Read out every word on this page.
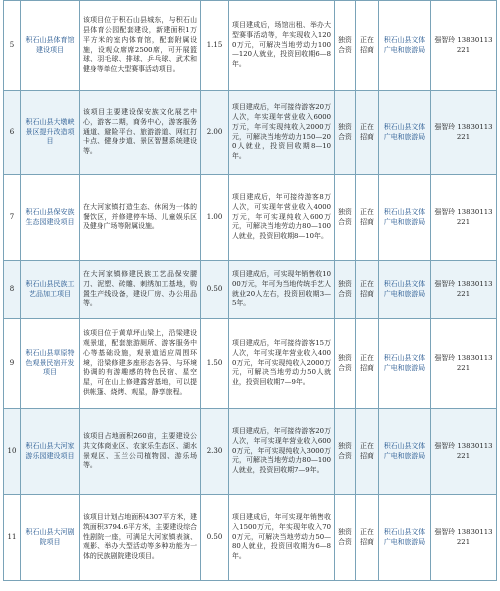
5	积石山县体育馆建设项目	该项目位于积石山县城东，与积石山县体育公园配套建设，新建面积1万平方米的室内体育馆，配套附属设施，设观众席席2500席，可开展篮球、羽毛球、排球、乒乓球、武术和健身等单位大型赛事活动项目。	1.15	项目建成后，场馆出租、举办大型赛事活动等，年实现收入1200万元，可解决当地劳动力100—120人就业，投资回收期6—8年。	独资合资	正在招商	积石山县文体广电和旅游局	强智玲 13830113221
6	积石山县大墩峡景区提升改造项目	该项目主要建设保安族文化展艺中心，游客二期，商务中心，游客服务通道、避险平台、旅游游道、网红打卡点、健身步道、景区智慧系统建设等。	2.00	项目建成后，年可接待游客20万人次，年实现年营业收入6000万元，年可实现纯收入2000万元，可解决当地劳动力150—200人就业，投资回收期8—10年。	独资合资	正在招商	积石山县文体广电和旅游局	强智玲 13830113221
7	积石山县保安族生态园建设项目	在大河家镇打造生态、休闲为一体的餐饮区，并修建停车场、儿童娱乐区及健身广场等附属设施。	1.00	项目建成后，年可接待游客8万人次，可实现年营业收入4000万元，年可实现纯收入600万元，可解决当地劳动力80—100人就业，投资回收期8—10年。	独资合资	正在招商	积石山县文体广电和旅游局	强智玲 13830113221
8	积石山县民族工艺品加工项目	在大河家镇修建民族工艺品保安腰刀、泥塑、砖雕、刺绣加工基地，购置生产线设备，建设厂房、办公用品等。	0.50	项目建成后，可实现年销售收1000万元，年可为当地传统手艺人就业20人左右，投资回收期3—5年。	独资合资	正在招商	积石山县文体广电和旅游局	强智玲 13830113221
9	积石山县草原特色观景民宿开发项目	该项目位于黄草坪山梁上，沿梁建设观景道，配套旅游厕所、游客服务中心等基础设施，观景道适应周围环境，沿梁修建多座形态各异、与环境协调的有游趣感的特色民宿、星空屋，可在山上修建露营基地，可以提供帐篷、烧烤、观星，静享旅程。	1.50	项目建成后，年可接待游客15万人次，年可实现年营业收入4000万元，年可实现纯收入2000万元，可解决当地劳动力50人就业，投资回收期7—9年。	独资合资	正在招商	积石山县文体广电和旅游局	强智玲 13830113221
10	积石山县大河家游乐园建设项目	该项目占地面积260亩，主要建设公共文体商业区、农家乐生态区、湖水景观区、玉兰公司植物园、游乐场等。	2.30	项目建成后，年可接待游客20万人次，年可实现年营业收入6000万元，年可实现纯收入3000万元，可解决当地劳动力80—100人就业，投资回收期7—9年。	独资合资	正在招商	积石山县文体广电和旅游局	强智玲 13830113221
11	积石山县大河剧院项目	该项目计划占地面积4307平方米，建筑面积3794.6平方米，主要建设综合性剧院一座，可满足大河家镇表演、观影、举办大型活动等多种功能为一体的民族剧院建设项目。	0.50	项目建成后，年可实现年销售收入1500万元，年实现年收入700万元，可解决当地劳动力50—80人就业，投资回收期为6—8年。	独资合资	正在招商	积石山县文体广电和旅游局	强智玲 13830113221
